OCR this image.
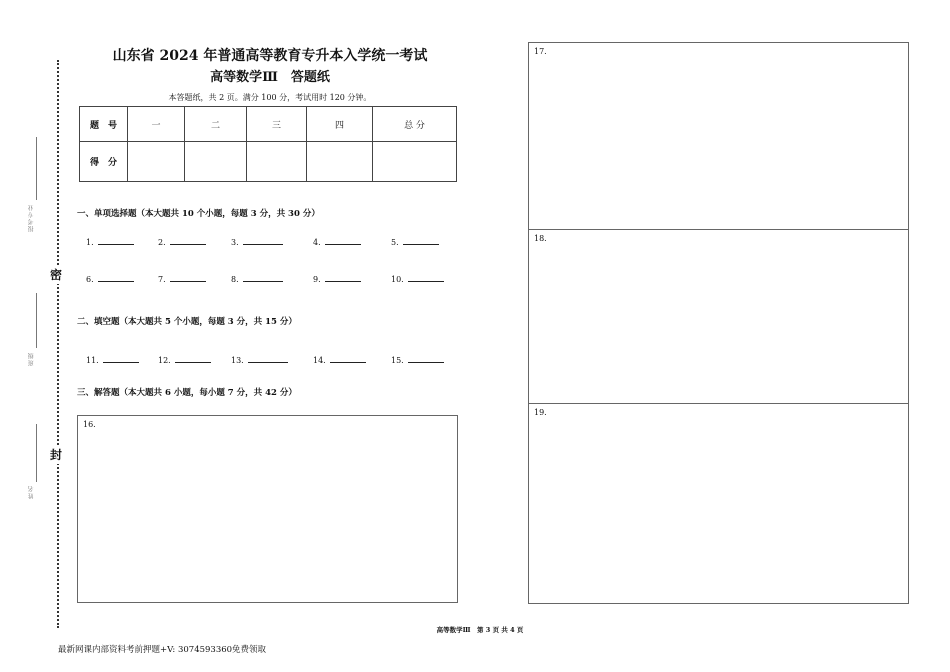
密
封
报考专业
班级
姓名
山东省 2024 年普通高等教育专升本入学统一考试
高等数学Ⅲ　答题纸
本答题纸，共 2 页。满分 100 分，考试用时 120 分钟。
题　号	一	二	三	四	总 分
得　分					
一、单项选择题（本大题共 10 个小题，每题 3 分，共 30 分）
1.	2.	3.	4.	5.
6.	7.	8.	9.	10.
二、填空题（本大题共 5 个小题，每题 3 分，共 15 分）
11.	12.	13.	14.	15.
三、解答题（本大题共 6 小题，每小题 7 分，共 42 分）
16.
17.
18.
19.
高等数学Ⅲ　第 3 页 共 4 页
最新网课内部资料考前押题+V: 3074593360免费领取
